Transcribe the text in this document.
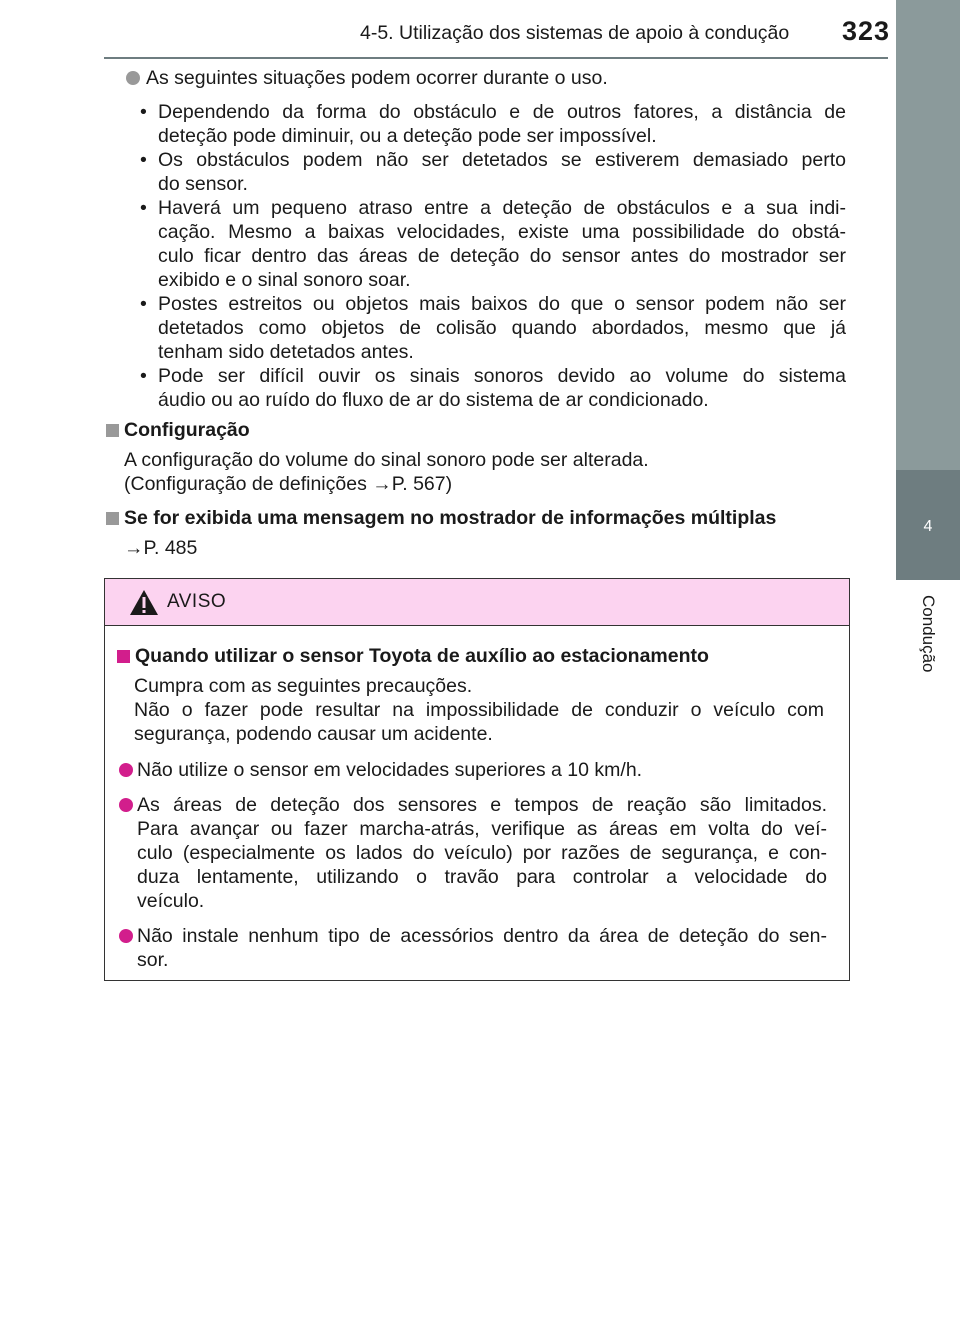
4-5. Utilização dos sistemas de apoio à condução	323
4
Condução
As seguintes situações podem ocorrer durante o uso.
• Dependendo da forma do obstáculo e de outros fatores, a distância de
deteção pode diminuir, ou a deteção pode ser impossível.
• Os obstáculos podem não ser detetados se estiverem demasiado perto
do sensor.
• Haverá um pequeno atraso entre a deteção de obstáculos e a sua indi-
cação. Mesmo a baixas velocidades, existe uma possibilidade do obstá-
culo ficar dentro das áreas de deteção do sensor antes do mostrador ser
exibido e o sinal sonoro soar.
• Postes estreitos ou objetos mais baixos do que o sensor podem não ser
detetados como objetos de colisão quando abordados, mesmo que já
tenham sido detetados antes.
• Pode ser difícil ouvir os sinais sonoros devido ao volume do sistema
áudio ou ao ruído do fluxo de ar do sistema de ar condicionado.
Configuração
A configuração do volume do sinal sonoro pode ser alterada.
(Configuração de definições →P. 567)
Se for exibida uma mensagem no mostrador de informações múltiplas
→P. 485
AVISO
Quando utilizar o sensor Toyota de auxílio ao estacionamento
Cumpra com as seguintes precauções.
Não o fazer pode resultar na impossibilidade de conduzir o veículo com
segurança, podendo causar um acidente.
Não utilize o sensor em velocidades superiores a 10 km/h.
As áreas de deteção dos sensores e tempos de reação são limitados.
Para avançar ou fazer marcha-atrás, verifique as áreas em volta do veí-
culo (especialmente os lados do veículo) por razões de segurança, e con-
duza lentamente, utilizando o travão para controlar a velocidade do
veículo.
Não instale nenhum tipo de acessórios dentro da área de deteção do sen-
sor.
